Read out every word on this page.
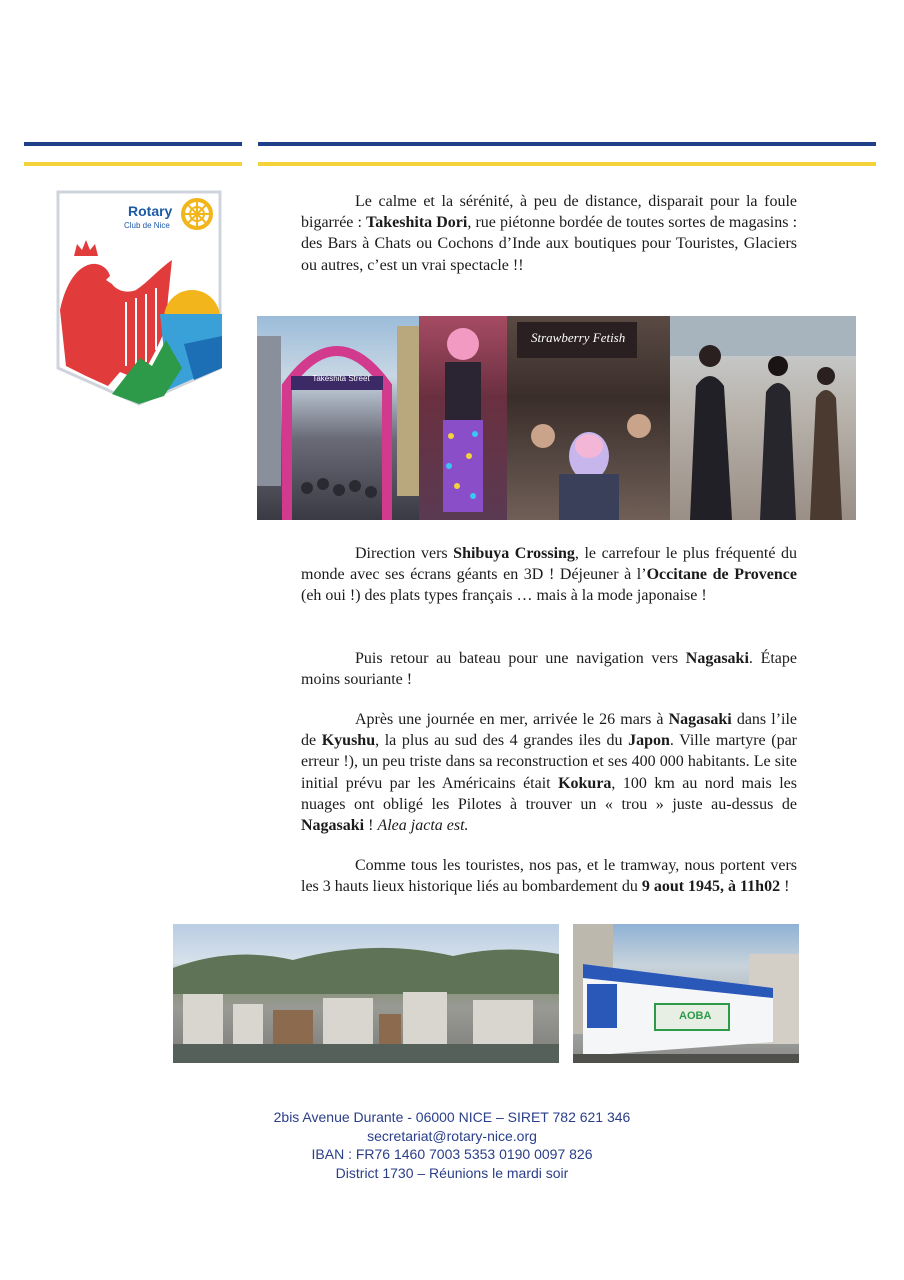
Rotary
Club de Nice

Le calme et la sérénité, à peu de distance, disparait pour la foule bigarrée : Takeshita Dori, rue piétonne bordée de toutes sortes de magasins : des Bars à Chats ou Cochons d’Inde aux boutiques pour Touristes, Glaciers ou autres, c’est un vrai spectacle !!

Takeshita Street
Strawberry Fetish

Direction vers Shibuya Crossing, le carrefour le plus fréquenté du monde avec ses écrans géants en 3D ! Déjeuner à l’Occitane de Provence (eh oui !) des plats types français … mais à la mode japonaise !

Puis retour au bateau pour une navigation vers Nagasaki. Étape moins souriante !

Après une journée en mer, arrivée le 26 mars à Nagasaki dans l’ile de Kyushu, la plus au sud des 4 grandes iles du Japon. Ville martyre (par erreur !), un peu triste dans sa reconstruction et ses 400 000 habitants. Le site initial prévu par les Américains était Kokura, 100 km au nord mais les nuages ont obligé les Pilotes à trouver un « trou » juste au-dessus de Nagasaki ! Alea jacta est.

Comme tous les touristes, nos pas, et le tramway, nous portent vers les 3 hauts lieux historique liés au bombardement du 9 aout 1945, à 11h02 !

AOBA
2bis Avenue Durante - 06000 NICE – SIRET 782 621 346
secretariat@rotary-nice.org
IBAN : FR76 1460 7003 5353 0190 0097 826
District 1730 – Réunions le mardi soir
